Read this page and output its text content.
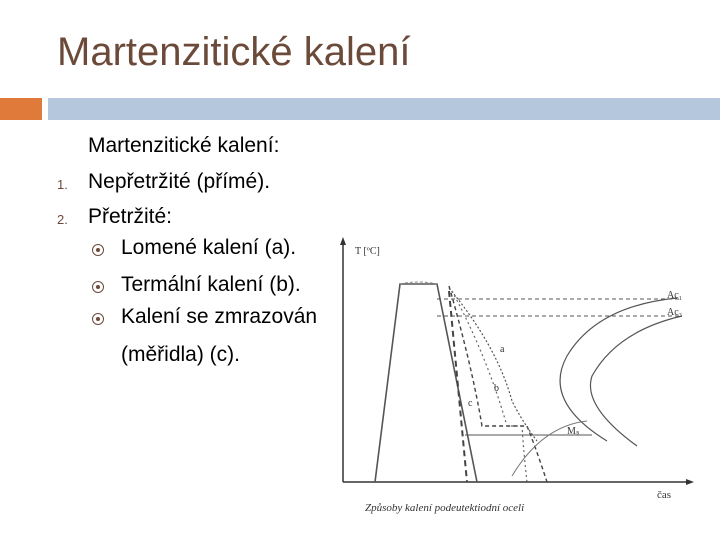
Martenzitické kalení
Martenzitické kalení:
1. Nepřetržité (přímé).
2. Přetržité:
Lomené kalení (a).
Termální kalení (b).
Kalení se zmrazován
(měřidla) (c).
T [ºC]
čas
Ac₁
Ac₃
Mₛ
a
b
c
Způsoby kalení podeutektiodní oceli
